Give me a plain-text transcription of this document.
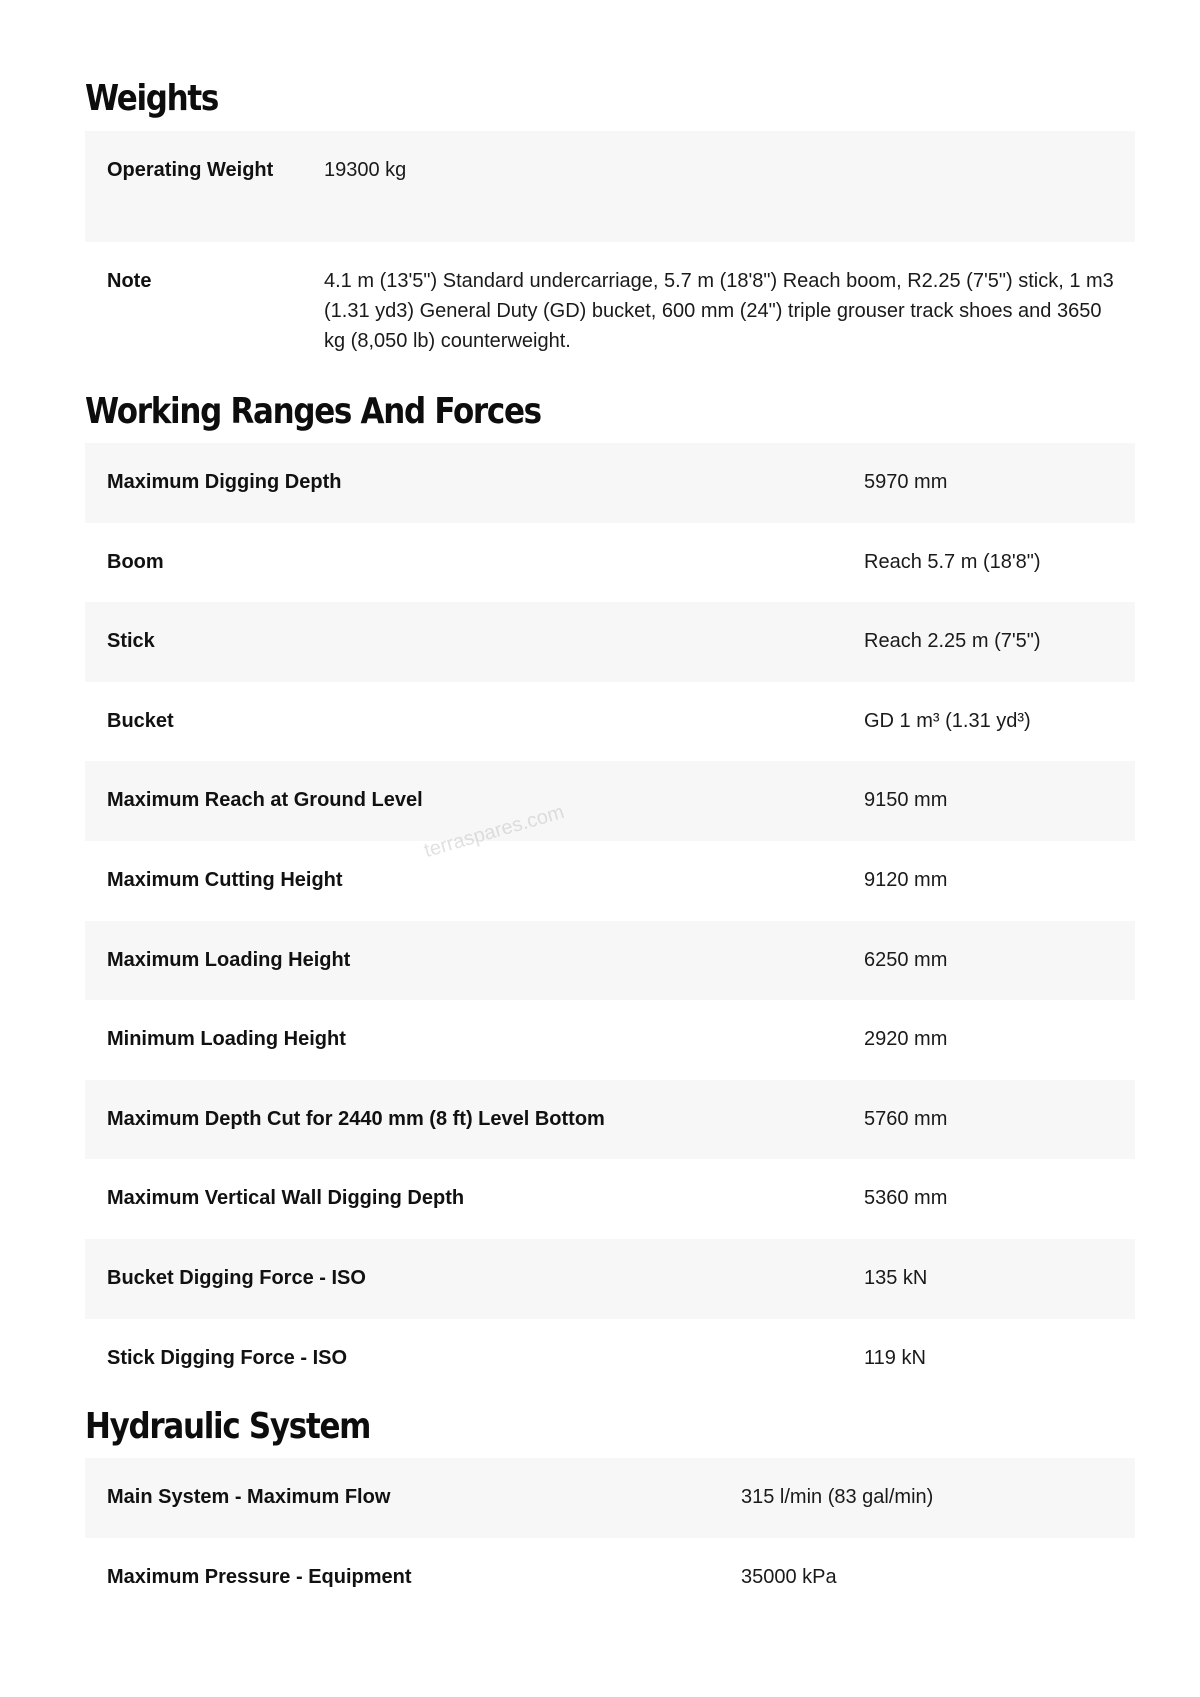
Weights
Operating Weight	19300 kg
Note	4.1 m (13'5") Standard undercarriage, 5.7 m (18'8") Reach boom, R2.25 (7'5") stick, 1 m3 (1.31 yd3) General Duty (GD) bucket, 600 mm (24") triple grouser track shoes and 3650 kg (8,050 lb) counterweight.
Working Ranges And Forces
Maximum Digging Depth	5970 mm
Boom	Reach 5.7 m (18'8")
Stick	Reach 2.25 m (7'5")
Bucket	GD 1 m³ (1.31 yd³)
Maximum Reach at Ground Level	9150 mm
Maximum Cutting Height	9120 mm
Maximum Loading Height	6250 mm
Minimum Loading Height	2920 mm
Maximum Depth Cut for 2440 mm (8 ft) Level Bottom	5760 mm
Maximum Vertical Wall Digging Depth	5360 mm
Bucket Digging Force - ISO	135 kN
Stick Digging Force - ISO	119 kN
Hydraulic System
Main System - Maximum Flow	315 l/min (83 gal/min)
Maximum Pressure - Equipment	35000 kPa
terraspares.com
